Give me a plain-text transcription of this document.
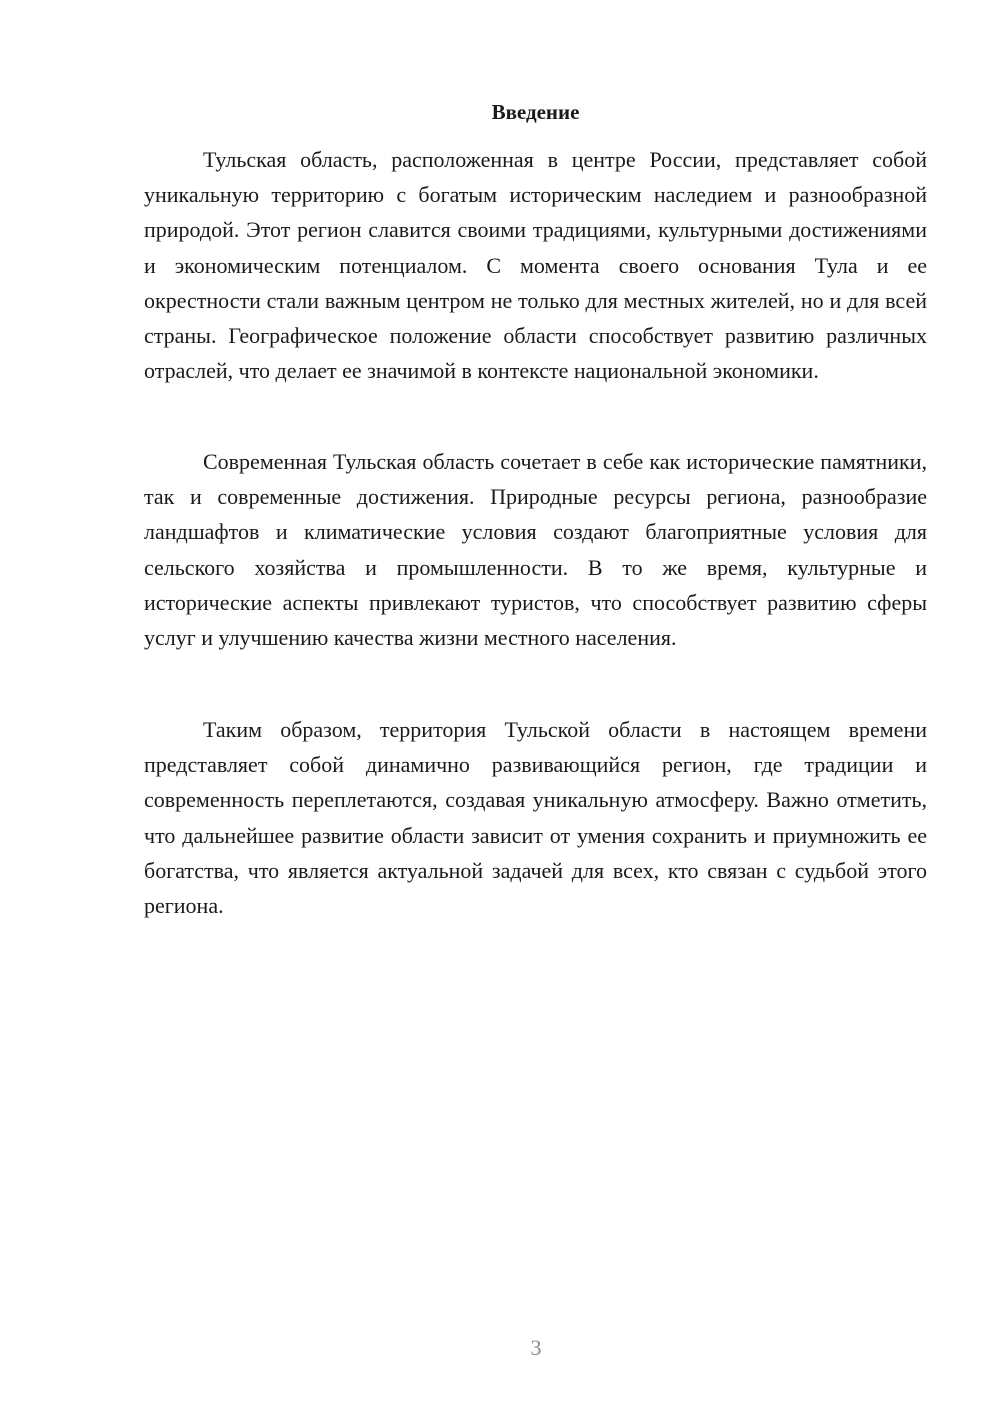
Введение

Тульская область, расположенная в центре России, представляет собой уникальную территорию с богатым историческим наследием и разнообразной природой. Этот регион славится своими традициями, культурными достижениями и экономическим потенциалом. С момента своего основания Тула и ее окрестности стали важным центром не только для местных жителей, но и для всей страны. Географическое положение области способствует развитию различных отраслей, что делает ее значимой в контексте национальной экономики.

Современная Тульская область сочетает в себе как исторические памятники, так и современные достижения. Природные ресурсы региона, разнообразие ландшафтов и климатические условия создают благоприятные условия для сельского хозяйства и промышленности. В то же время, культурные и исторические аспекты привлекают туристов, что способствует развитию сферы услуг и улучшению качества жизни местного населения.

Таким образом, территория Тульской области в настоящем времени представляет собой динамично развивающийся регион, где традиции и современность переплетаются, создавая уникальную атмосферу. Важно отметить, что дальнейшее развитие области зависит от умения сохранить и приумножить ее богатства, что является актуальной задачей для всех, кто связан с судьбой этого региона.

3
